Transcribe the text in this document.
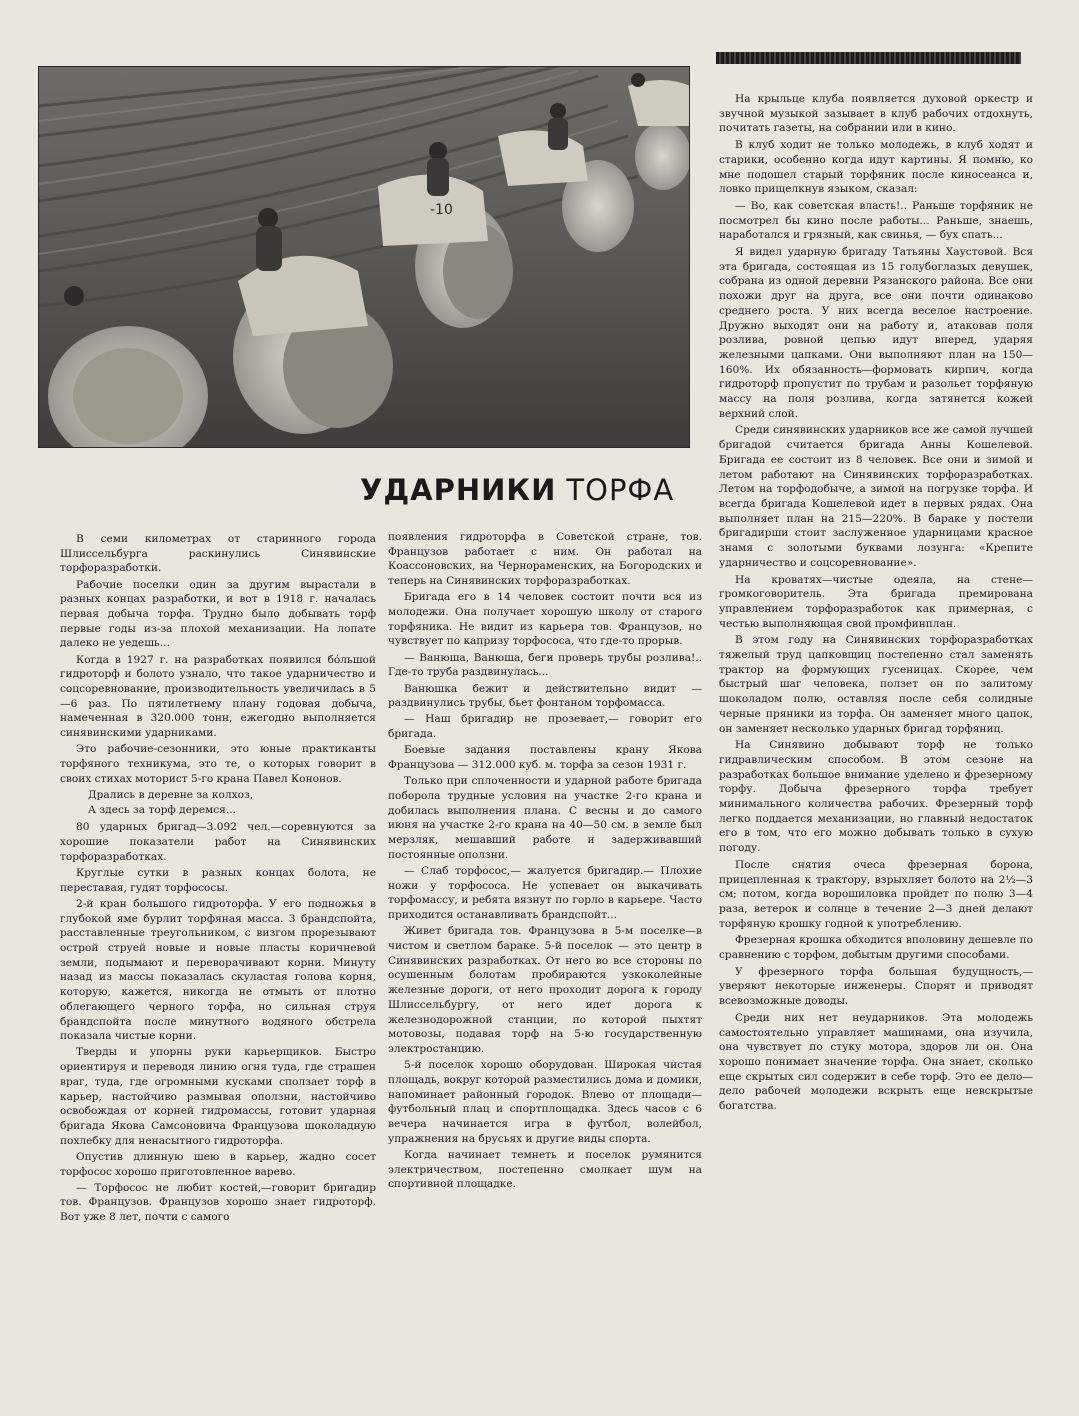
-10
УДАРНИКИ ТОРФА

В семи километрах от старинного города Шлиссельбурга раскинулись Синявинские торфоразработки.

Рабочие поселки один за другим вырастали в разных концах разработки, и вот в 1918 г. началась первая добыча торфа. Трудно было добывать торф первые годы из-за плохой механизации. На лопате далеко не уедешь...

Когда в 1927 г. на разработках появился бо́льшой гидроторф и болото узнало, что такое ударничество и соцсоревнование, производительность увеличилась в 5—6 раз. По пятилетнему плану годовая добыча, намеченная в 320.000 тонн, ежегодно выполняется синявинскими ударниками.

Это рабочие-сезонники, это юные практиканты торфяного техникума, это те, о которых говорит в своих стихах моторист 5-го крана Павел Кононов.

Дрались в деревне за колхоз,

А здесь за торф деремся...

80 ударных бригад—3.092 чел.—соревнуются за хорошие показатели работ на Синявинских торфоразработках.

Круглые сутки в разных концах болота, не переставая, гудят торфососы.

2-й кран большого гидроторфа. У его подножья в глубокой яме бурлит торфяная масса. 3 брандспойта, расставленные треугольником, с визгом прорезывают острой струей новые и новые пласты коричневой земли, подымают и переворачивают корни. Минуту назад из массы показалась скуластая голова корня, которую, кажется, никогда не отмыть от плотно облегающего черного торфа, но сильная струя брандспойта после минутного водяного обстрела показала чистые корни.

Тверды и упорны руки карьерщиков. Быстро ориентируя и переводя линию огня туда, где страшен враг, туда, где огромными кусками сползает торф в карьер, настойчиво размывая оползни, настойчиво освобождая от корней гидромассы, готовит ударная бригада Якова Самсоновича Французова шоколадную похлебку для ненасытного гидроторфа.

Опустив длинную шею в карьер, жадно сосет торфосос хорошо приготовленное варево.

— Торфосос не любит костей,—говорит бригадир тов. Французов. Французов хорошо знает гидроторф. Вот уже 8 лет, почти с самого

появления гидроторфа в Советской стране, тов. Французов работает с ним. Он работал на Коассоновских, на Чернораменских, на Богородских и теперь на Синявинских торфоразработках.

Бригада его в 14 человек состоит почти вся из молодежи. Она получает хорошую школу от старого торфяника. Не видит из карьера тов. Французов, но чувствует по капризу торфососа, что где-то прорыв.

— Ванюша, Ванюша, беги проверь трубы розлива!.. Где-то труба раздвинулась...

Ванюшка бежит и действительно видит — раздвинулись трубы, бьет фонтаном торфомасса.

— Наш бригадир не прозевает,— говорит его бригада.

Боевые задания поставлены крану Якова Французова — 312.000 куб. м. торфа за сезон 1931 г.

Только при сплоченности и ударной работе бригада поборола трудные условия на участке 2-го крана и добилась выполнения плана. С весны и до самого июня на участке 2-го крана на 40—50 см. в земле был мерзляк, мешавший работе и задерживавший постоянные оползни.

— Слаб торфосос,— жалуется бригадир.— Плохие ножи у торфососа. Не успевает он выкачивать торфомассу, и ребята вязнут по горло в карьере. Часто приходится останавливать брандспойт...

Живет бригада тов. Французова в 5-м поселке—в чистом и светлом бараке. 5-й поселок — это центр в Синявинских разработках. От него во все стороны по осушенным болотам пробираются узкоколейные железные дороги, от него проходит дорога к городу Шлиссельбургу, от него идет дорога к железнодорожной станции, по которой пыхтят мотовозы, подавая торф на 5-ю государственную электростанцию.

5-й поселок хорошо оборудован. Широкая чистая площадь, вокруг которой разместились дома и домики, напоминает районный городок. Влево от площади—футбольный плац и спортплощадка. Здесь часов с 6 вечера начинается игра в футбол, волейбол, упражнения на брусьях и другие виды спорта.

Когда начинает темнеть и поселок румянится электричеством, постепенно смолкает шум на спортивной площадке.

На крыльце клуба появляется духовой оркестр и звучной музыкой зазывает в клуб рабочих отдохнуть, почитать газеты, на собрании или в кино.

В клуб ходит не только молодежь, в клуб ходят и старики, особенно когда идут картины. Я помню, ко мне подошел старый торфяник после киносеанса и, ловко прищелкнув языком, сказал:

— Во, как советская власть!.. Раньше торфяник не посмотрел бы кино после работы... Раньше, знаешь, наработался и грязный, как свинья, — бух спать...

Я видел ударную бригаду Татьяны Хаустовой. Вся эта бригада, состоящая из 15 голубоглазых девушек, собрана из одной деревни Рязанского района. Все они похожи друг на друга, все они почти одинаково среднего роста. У них всегда веселое настроение. Дружно выходят они на работу и, атаковав поля розлива, ровной цепью идут вперед, ударяя железными цапками. Они выполняют план на 150—160%. Их обязанность—формовать кирпич, когда гидроторф пропустит по трубам и разольет торфяную массу на поля розлива, когда затянется кожей верхний слой.

Среди синявинских ударников все же самой лучшей бригадой считается бригада Анны Кошелевой. Бригада ее состоит из 8 человек. Все они и зимой и летом работают на Синявинских торфоразработках. Летом на торфодобыче, а зимой на погрузке торфа. И всегда бригада Кошелевой идет в первых рядах. Она выполняет план на 215—220%. В бараке у постели бригадирши стоит заслуженное ударницами красное знамя с золотыми буквами лозунга: «Крепите ударничество и соцсоревнование».

На кроватях—чистые одеяла, на стене—громкоговоритель. Эта бригада премирована управлением торфоразработок как примерная, с честью выполняющая свой промфинплан.

В этом году на Синявинских торфоразработках тяжелый труд цапковщиц постепенно стал заменять трактор на формующих гусеницах. Скорее, чем быстрый шаг человека, ползет он по залитому шоколадом полю, оставляя после себя солидные черные пряники из торфа. Он заменяет много цапок, он заменяет несколько ударных бригад торфяниц.

На Синявино добывают торф не только гидравлическим способом. В этом сезоне на разработках большое внимание уделено и фрезерному торфу. Добыча фрезерного торфа требует минимального количества рабочих. Фрезерный торф легко поддается механизации, но главный недостаток его в том, что его можно добывать только в сухую погоду.

После снятия очеса фрезерная борона, прицепленная к трактору, взрыхляет болото на 2½—3 см; потом, когда ворошиловка пройдет по полю 3—4 раза, ветерок и солнце в течение 2—3 дней делают торфяную крошку годной к употреблению.

Фрезерная крошка обходится вполовину дешевле по сравнению с торфом, добытым другими способами.

У фрезерного торфа большая будущность,— уверяют некоторые инженеры. Спорят и приводят всевозможные доводы.

Среди них нет неударников. Эта молодежь самостоятельно управляет машинами, она изучила, она чувствует по стуку мотора, здоров ли он. Она хорошо понимает значение торфа. Она знает, сколько еще скрытых сил содержит в себе торф. Это ее дело—дело рабочей молодежи вскрыть еще невскрытые богатства.
